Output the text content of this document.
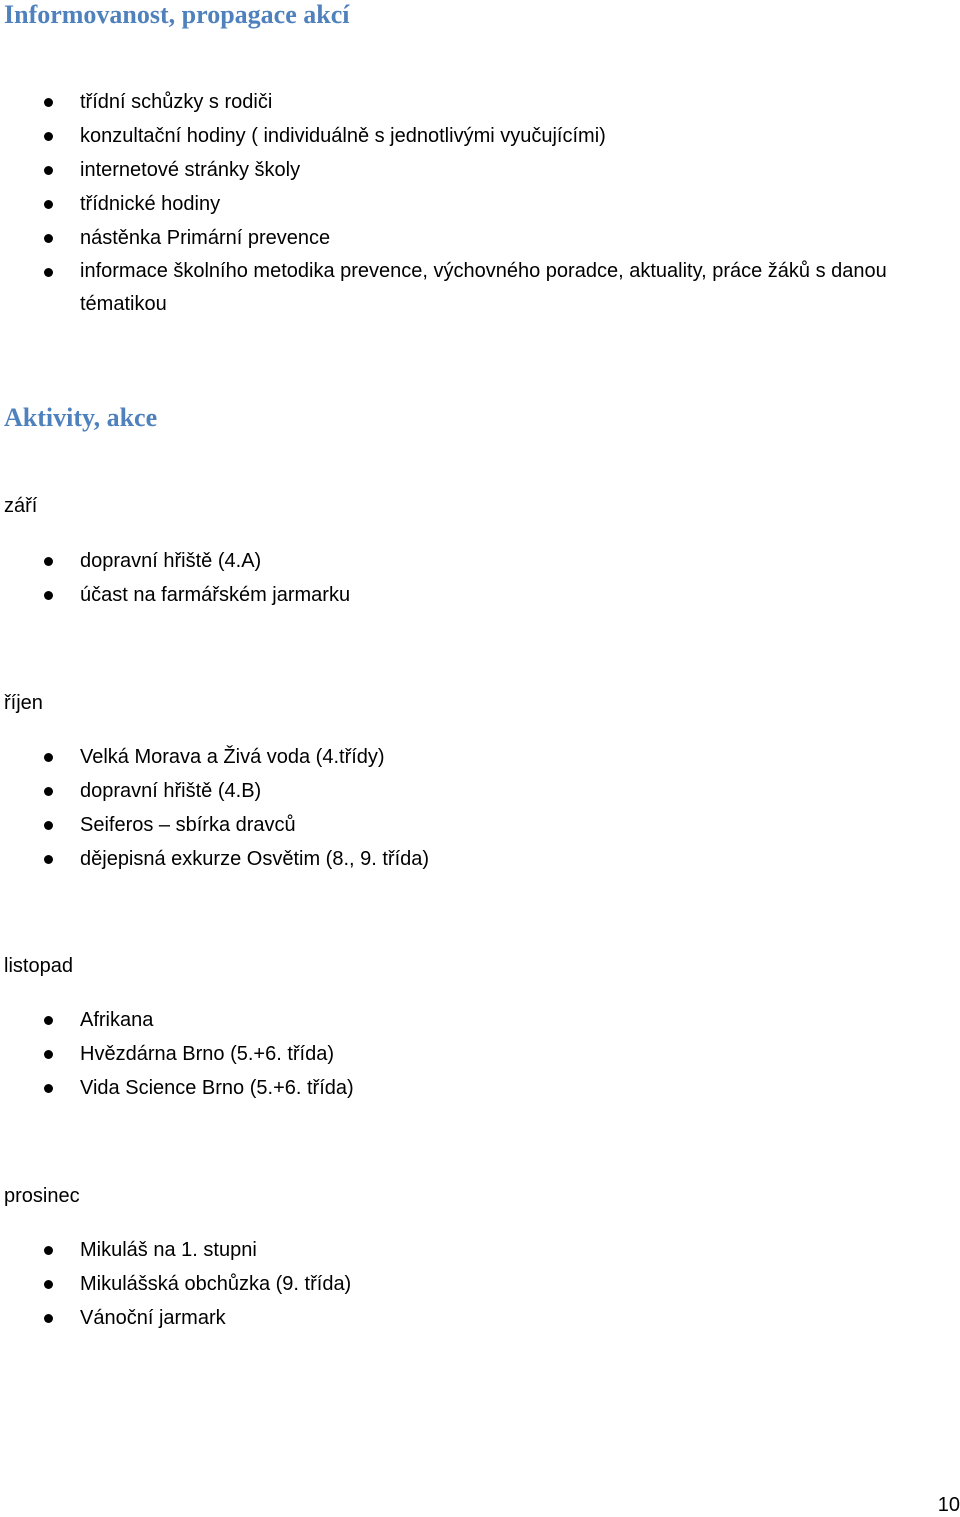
Informovanost, propagace akcí
třídní schůzky s rodiči
konzultační hodiny ( individuálně s jednotlivými vyučujícími)
internetové stránky školy
třídnické hodiny
nástěnka Primární prevence
informace školního metodika prevence, výchovného poradce, aktuality, práce žáků s danou tématikou
Aktivity, akce

září

dopravní hřiště (4.A)
účast na farmářském jarmarku

říjen

Velká Morava a Živá voda (4.třídy)
dopravní hřiště (4.B)
Seiferos – sbírka dravců
dějepisná exkurze Osvětim (8., 9. třída)

listopad

Afrikana
Hvězdárna Brno (5.+6. třída)
Vida Science Brno (5.+6. třída)

prosinec

Mikuláš na 1. stupni
Mikulášská obchůzka (9. třída)
Vánoční jarmark
10
